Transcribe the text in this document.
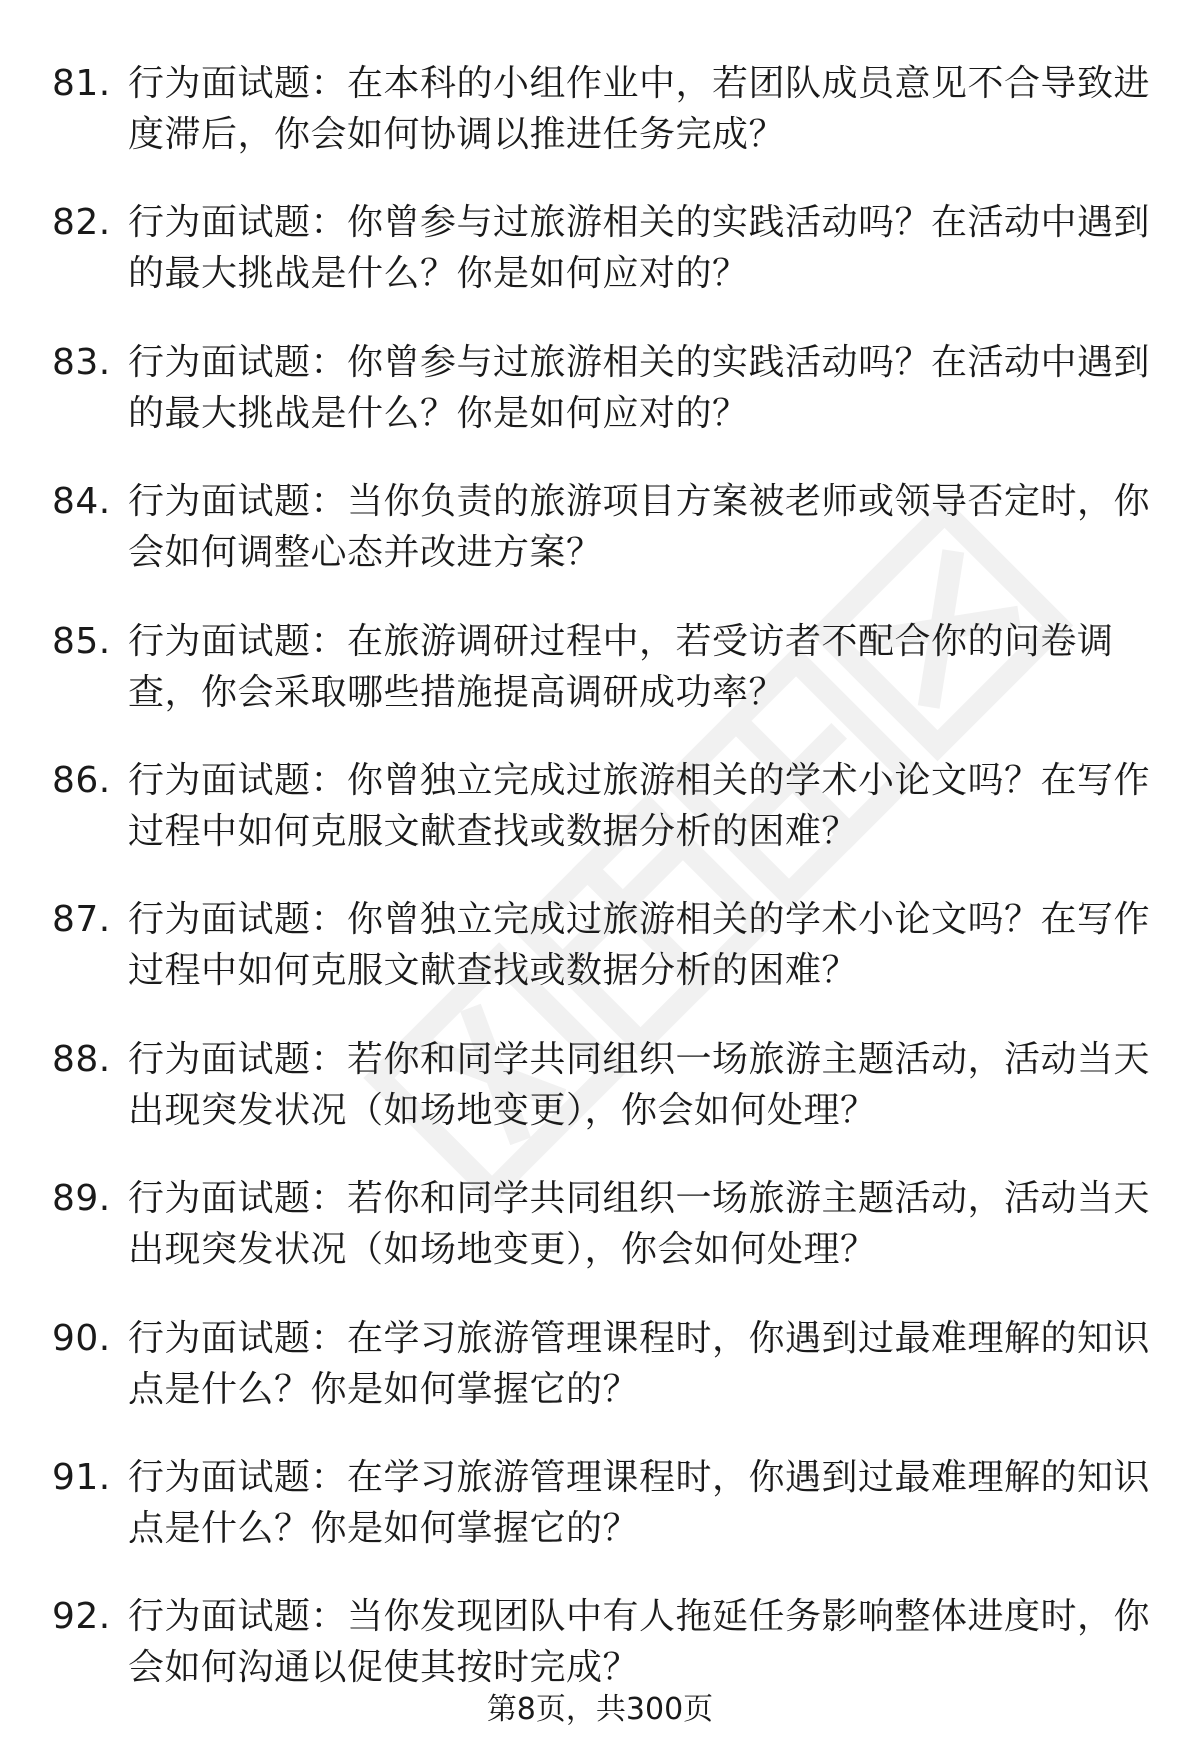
81. 行为面试题：在本科的小组作业中，若团队成员意见不合导致进度滞后，你会如何协调以推进任务完成？
82. 行为面试题：你曾参与过旅游相关的实践活动吗？在活动中遇到的最大挑战是什么？你是如何应对的？
83. 行为面试题：你曾参与过旅游相关的实践活动吗？在活动中遇到的最大挑战是什么？你是如何应对的？
84. 行为面试题：当你负责的旅游项目方案被老师或领导否定时，你会如何调整心态并改进方案？
85. 行为面试题：在旅游调研过程中，若受访者不配合你的问卷调查，你会采取哪些措施提高调研成功率？
86. 行为面试题：你曾独立完成过旅游相关的学术小论文吗？在写作过程中如何克服文献查找或数据分析的困难？
87. 行为面试题：你曾独立完成过旅游相关的学术小论文吗？在写作过程中如何克服文献查找或数据分析的困难？
88. 行为面试题：若你和同学共同组织一场旅游主题活动，活动当天出现突发状况（如场地变更），你会如何处理？
89. 行为面试题：若你和同学共同组织一场旅游主题活动，活动当天出现突发状况（如场地变更），你会如何处理？
90. 行为面试题：在学习旅游管理课程时，你遇到过最难理解的知识点是什么？你是如何掌握它的？
91. 行为面试题：在学习旅游管理课程时，你遇到过最难理解的知识点是什么？你是如何掌握它的？
92. 行为面试题：当你发现团队中有人拖延任务影响整体进度时，你会如何沟通以促使其按时完成？
第8页，共300页
